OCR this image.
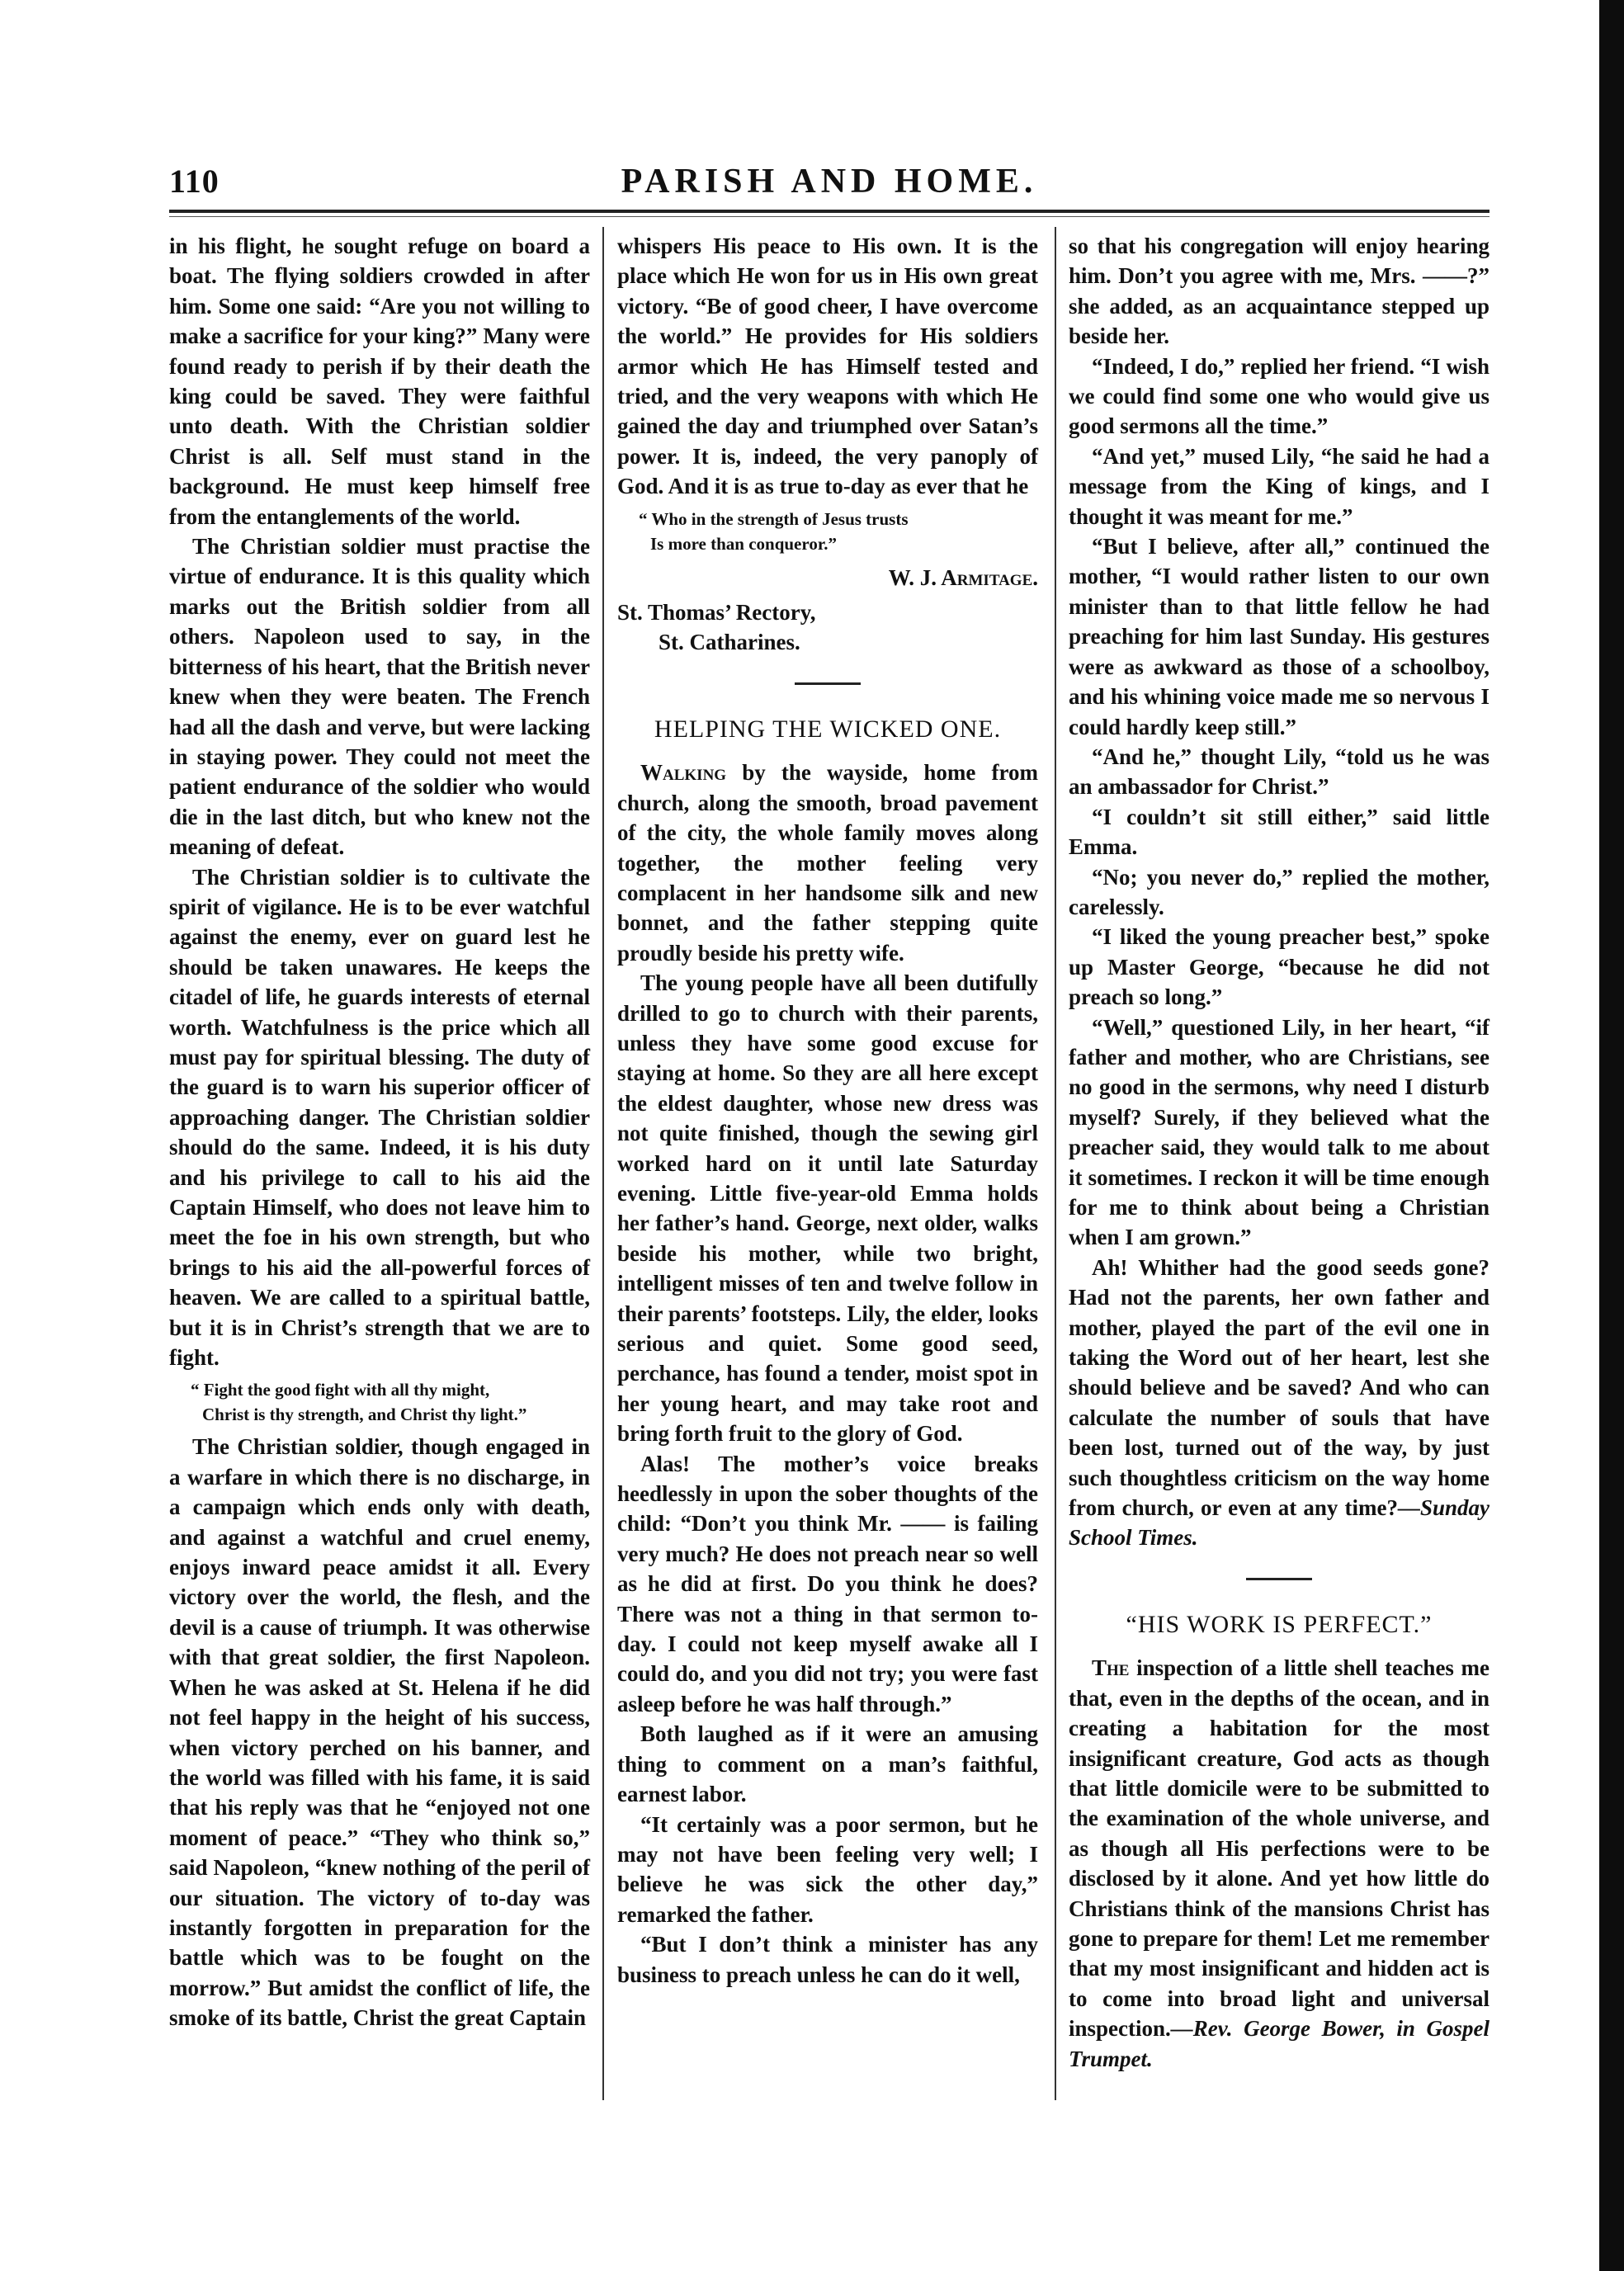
110	PARISH AND HOME.

in his flight, he sought refuge on board a boat. The flying soldiers crowded in after him. Some one said: “Are you not willing to make a sacrifice for your king?” Many were found ready to perish if by their death the king could be saved. They were faithful unto death. With the Christian soldier Christ is all. Self must stand in the background. He must keep himself free from the entanglements of the world.

The Christian soldier must practise the virtue of endurance. It is this quality which marks out the British soldier from all others. Napoleon used to say, in the bitterness of his heart, that the British never knew when they were beaten. The French had all the dash and verve, but were lacking in staying power. They could not meet the patient endurance of the soldier who would die in the last ditch, but who knew not the meaning of defeat.

The Christian soldier is to cultivate the spirit of vigilance. He is to be ever watchful against the enemy, ever on guard lest he should be taken unawares. He keeps the citadel of life, he guards interests of eternal worth. Watchfulness is the price which all must pay for spiritual blessing. The duty of the guard is to warn his superior officer of approaching danger. The Christian soldier should do the same. Indeed, it is his duty and his privilege to call to his aid the Captain Himself, who does not leave him to meet the foe in his own strength, but who brings to his aid the all-powerful forces of heaven. We are called to a spiritual battle, but it is in Christ’s strength that we are to fight.

“ Fight the good fight with all thy might,
Christ is thy strength, and Christ thy light.”

The Christian soldier, though engaged in a warfare in which there is no discharge, in a campaign which ends only with death, and against a watchful and cruel enemy, enjoys inward peace amidst it all. Every victory over the world, the flesh, and the devil is a cause of triumph. It was otherwise with that great soldier, the first Napoleon. When he was asked at St. Helena if he did not feel happy in the height of his success, when victory perched on his banner, and the world was filled with his fame, it is said that his reply was that he “enjoyed not one moment of peace.” “They who think so,” said Napoleon, “knew nothing of the peril of our situation. The victory of to-day was instantly forgotten in preparation for the battle which was to be fought on the morrow.” But amidst the conflict of life, the smoke of its battle, Christ the great Captain

whispers His peace to His own. It is the place which He won for us in His own great victory. “Be of good cheer, I have overcome the world.” He provides for His soldiers armor which He has Himself tested and tried, and the very weapons with which He gained the day and triumphed over Satan’s power. It is, indeed, the very panoply of God. And it is as true to-day as ever that he

“ Who in the strength of Jesus trusts
Is more than conqueror.”
W. J. Armitage.
St. Thomas’ Rectory,
St. Catharines.
HELPING THE WICKED ONE.

Walking by the wayside, home from church, along the smooth, broad pavement of the city, the whole family moves along together, the mother feeling very complacent in her handsome silk and new bonnet, and the father stepping quite proudly beside his pretty wife.

The young people have all been dutifully drilled to go to church with their parents, unless they have some good excuse for staying at home. So they are all here except the eldest daughter, whose new dress was not quite finished, though the sewing girl worked hard on it until late Saturday evening. Little five-year-old Emma holds her father’s hand. George, next older, walks beside his mother, while two bright, intelligent misses of ten and twelve follow in their parents’ footsteps. Lily, the elder, looks serious and quiet. Some good seed, perchance, has found a tender, moist spot in her young heart, and may take root and bring forth fruit to the glory of God.

Alas! The mother’s voice breaks heedlessly in upon the sober thoughts of the child: “Don’t you think Mr. —— is failing very much? He does not preach near so well as he did at first. Do you think he does? There was not a thing in that sermon to-day. I could not keep myself awake all I could do, and you did not try; you were fast asleep before he was half through.”

Both laughed as if it were an amusing thing to comment on a man’s faithful, earnest labor.

“It certainly was a poor sermon, but he may not have been feeling very well; I believe he was sick the other day,” remarked the father.

“But I don’t think a minister has any business to preach unless he can do it well,

so that his congregation will enjoy hearing him. Don’t you agree with me, Mrs. ——?” she added, as an acquaintance stepped up beside her.

“Indeed, I do,” replied her friend. “I wish we could find some one who would give us good sermons all the time.”

“And yet,” mused Lily, “he said he had a message from the King of kings, and I thought it was meant for me.”

“But I believe, after all,” continued the mother, “I would rather listen to our own minister than to that little fellow he had preaching for him last Sunday. His gestures were as awkward as those of a schoolboy, and his whining voice made me so nervous I could hardly keep still.”

“And he,” thought Lily, “told us he was an ambassador for Christ.”

“I couldn’t sit still either,” said little Emma.

“No; you never do,” replied the mother, carelessly.

“I liked the young preacher best,” spoke up Master George, “because he did not preach so long.”

“Well,” questioned Lily, in her heart, “if father and mother, who are Christians, see no good in the sermons, why need I disturb myself? Surely, if they believed what the preacher said, they would talk to me about it sometimes. I reckon it will be time enough for me to think about being a Christian when I am grown.”

Ah! Whither had the good seeds gone? Had not the parents, her own father and mother, played the part of the evil one in taking the Word out of her heart, lest she should believe and be saved? And who can calculate the number of souls that have been lost, turned out of the way, by just such thoughtless criticism on the way home from church, or even at any time?—Sunday School Times.

“HIS WORK IS PERFECT.”

The inspection of a little shell teaches me that, even in the depths of the ocean, and in creating a habitation for the most insignificant creature, God acts as though that little domicile were to be submitted to the examination of the whole universe, and as though all His perfections were to be disclosed by it alone. And yet how little do Christians think of the mansions Christ has gone to prepare for them! Let me remember that my most insignificant and hidden act is to come into broad light and universal inspection.—Rev. George Bower, in Gospel Trumpet.
